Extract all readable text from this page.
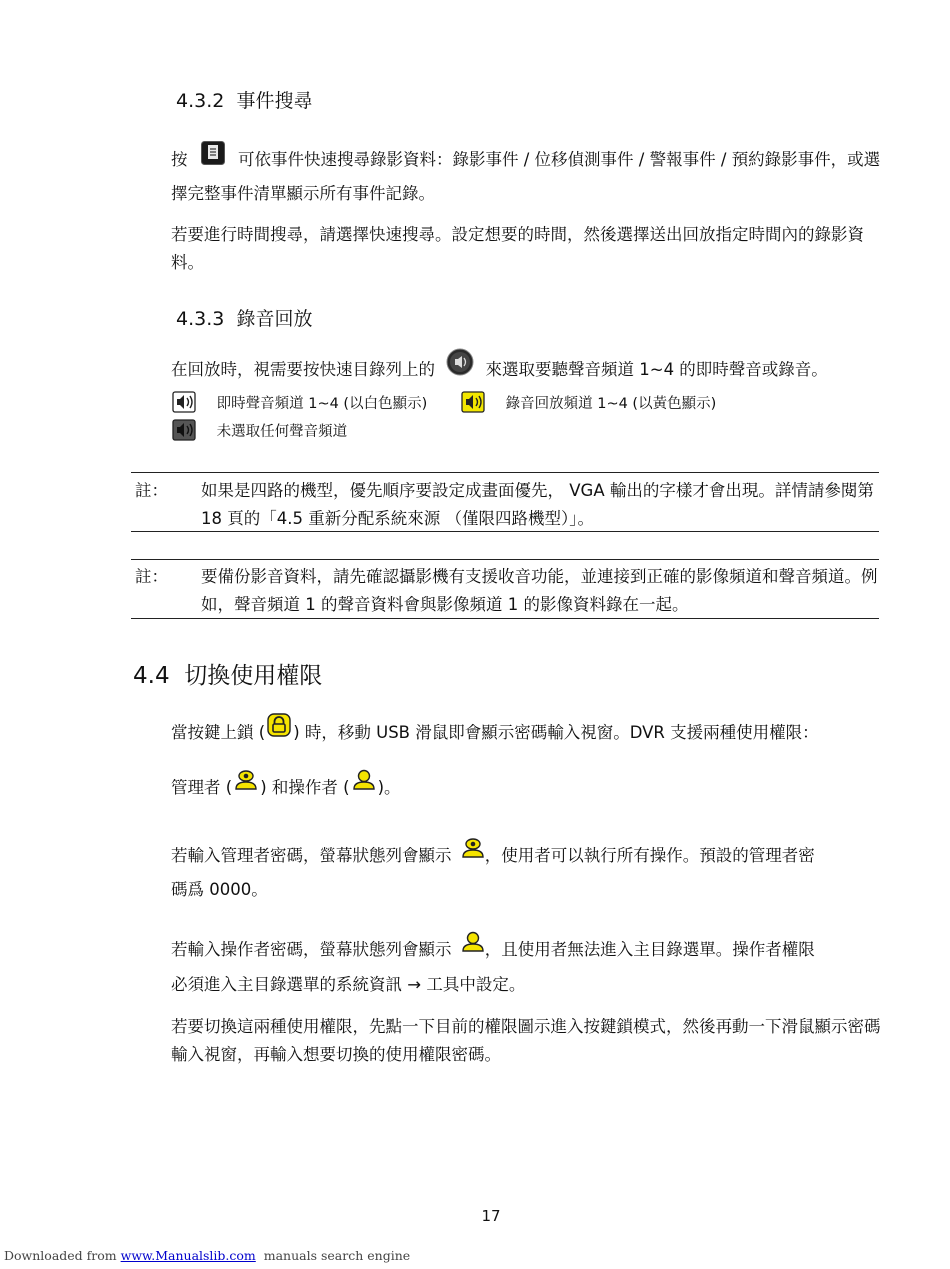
4.3.2 事件搜尋
按	可依事件快速搜尋錄影資料：錄影事件 / 位移偵測事件 / 警報事件 / 預約錄影事件，或選擇完整事件清單顯示所有事件記錄。
若要進行時間搜尋，請選擇快速搜尋。設定想要的時間，然後選擇送出回放指定時間內的錄影資料。
4.3.3 錄音回放
在回放時，視需要按快速目錄列上的	來選取要聽聲音頻道 1~4 的即時聲音或錄音。
即時聲音頻道 1~4 (以白色顯示)	錄音回放頻道 1~4 (以黃色顯示)
未選取任何聲音頻道
註： 如果是四路的機型，優先順序要設定成畫面優先， VGA 輸出的字樣才會出現。詳情請參閱第 18 頁的「4.5 重新分配系統來源 （僅限四路機型）」。
註： 要備份影音資料，請先確認攝影機有支援收音功能，並連接到正確的影像頻道和聲音頻道。例如，聲音頻道 1 的聲音資料會與影像頻道 1 的影像資料錄在一起。
4.4 切換使用權限
當按鍵上鎖 ( ) 時，移動 USB 滑鼠即會顯示密碼輸入視窗。DVR 支援兩種使用權限：
管理者 ( ) 和操作者 ( )。
若輸入管理者密碼，螢幕狀態列會顯示 ，使用者可以執行所有操作。預設的管理者密
碼爲 0000。
若輸入操作者密碼，螢幕狀態列會顯示 ，且使用者無法進入主目錄選單。操作者權限
必須進入主目錄選單的系統資訊 → 工具中設定。
若要切換這兩種使用權限，先點一下目前的權限圖示進入按鍵鎖模式，然後再動一下滑鼠顯示密碼輸入視窗，再輸入想要切換的使用權限密碼。
17
Downloaded from www.Manualslib.com manuals search engine
